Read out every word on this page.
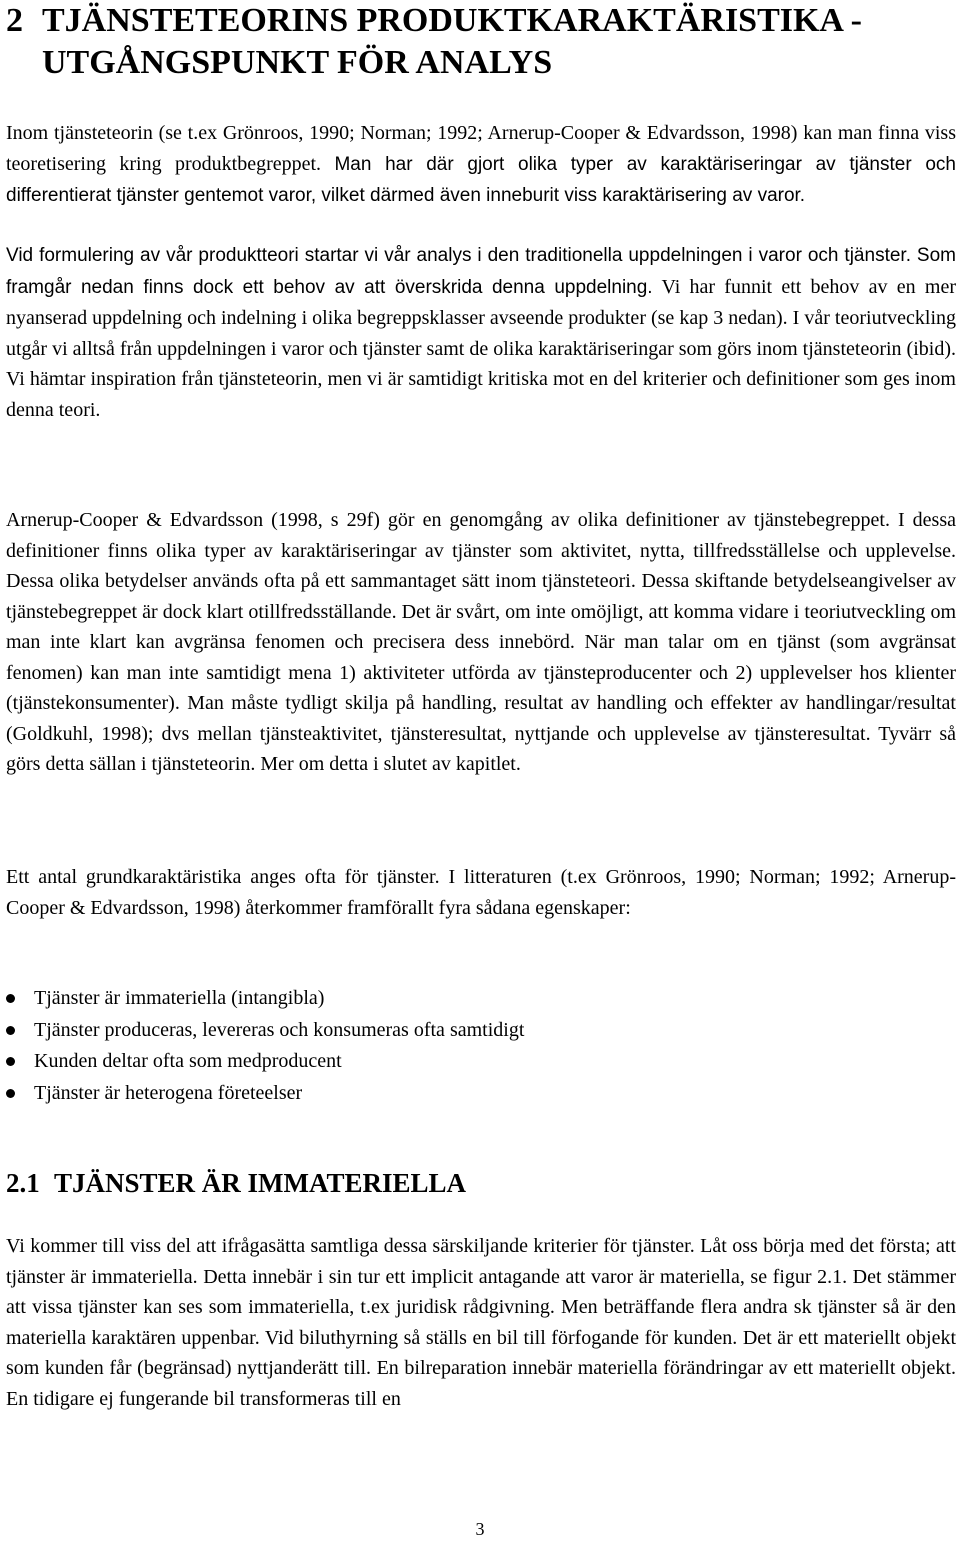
2 TJÄNSTETEORINS PRODUKTKARAKTÄRISTIKA -
UTGÅNGSPUNKT FÖR ANALYS

Inom tjänsteteorin (se t.ex Grönroos, 1990; Norman; 1992; Arnerup-Cooper & Edvardsson, 1998) kan man finna viss teoretisering kring produktbegreppet. Man har där gjort olika typer av karaktäriseringar av tjänster och differentierat tjänster gentemot varor, vilket därmed även inneburit viss karaktärisering av varor.

Vid formulering av vår produktteori startar vi vår analys i den traditionella uppdelningen i varor och tjänster. Som framgår nedan finns dock ett behov av att överskrida denna uppdelning. Vi har funnit ett behov av en mer nyanserad uppdelning och indelning i olika begreppsklasser avseende produkter (se kap 3 nedan). I vår teoriutveckling utgår vi alltså från uppdelningen i varor och tjänster samt de olika karaktäriseringar som görs inom tjänsteteorin (ibid). Vi hämtar inspiration från tjänsteteorin, men vi är samtidigt kritiska mot en del kriterier och definitioner som ges inom denna teori.

Arnerup-Cooper & Edvardsson (1998, s 29f) gör en genomgång av olika definitioner av tjänstebegreppet. I dessa definitioner finns olika typer av karaktäriseringar av tjänster som aktivitet, nytta, tillfredsställelse och upplevelse. Dessa olika betydelser används ofta på ett sammantaget sätt inom tjänsteteori. Dessa skiftande betydelseangivelser av tjänstebegreppet är dock klart otillfredsställande. Det är svårt, om inte omöjligt, att komma vidare i teoriutveckling om man inte klart kan avgränsa fenomen och precisera dess innebörd. När man talar om en tjänst (som avgränsat fenomen) kan man inte samtidigt mena 1) aktiviteter utförda av tjänsteproducenter och 2) upplevelser hos klienter (tjänstekonsumenter). Man måste tydligt skilja på handling, resultat av handling och effekter av handlingar/resultat (Goldkuhl, 1998); dvs mellan tjänsteaktivitet, tjänsteresultat, nyttjande och upplevelse av tjänsteresultat. Tyvärr så görs detta sällan i tjänsteteorin. Mer om detta i slutet av kapitlet.

Ett antal grundkaraktäristika anges ofta för tjänster. I litteraturen (t.ex Grönroos, 1990; Norman; 1992; Arnerup-Cooper & Edvardsson, 1998) återkommer framförallt fyra sådana egenskaper:

Tjänster är immateriella (intangibla)
Tjänster produceras, levereras och konsumeras ofta samtidigt
Kunden deltar ofta som medproducent
Tjänster är heterogena företeelser
2.1 TJÄNSTER ÄR IMMATERIELLA

Vi kommer till viss del att ifrågasätta samtliga dessa särskiljande kriterier för tjänster. Låt oss börja med det första; att tjänster är immateriella. Detta innebär i sin tur ett implicit antagande att varor är materiella, se figur 2.1. Det stämmer att vissa tjänster kan ses som immateriella, t.ex juridisk rådgivning. Men beträffande flera andra sk tjänster så är den materiella karaktären uppenbar. Vid biluthyrning så ställs en bil till förfogande för kunden. Det är ett materiellt objekt som kunden får (begränsad) nyttjanderätt till. En bilreparation innebär materiella förändringar av ett materiellt objekt. En tidigare ej fungerande bil transformeras till en

3
